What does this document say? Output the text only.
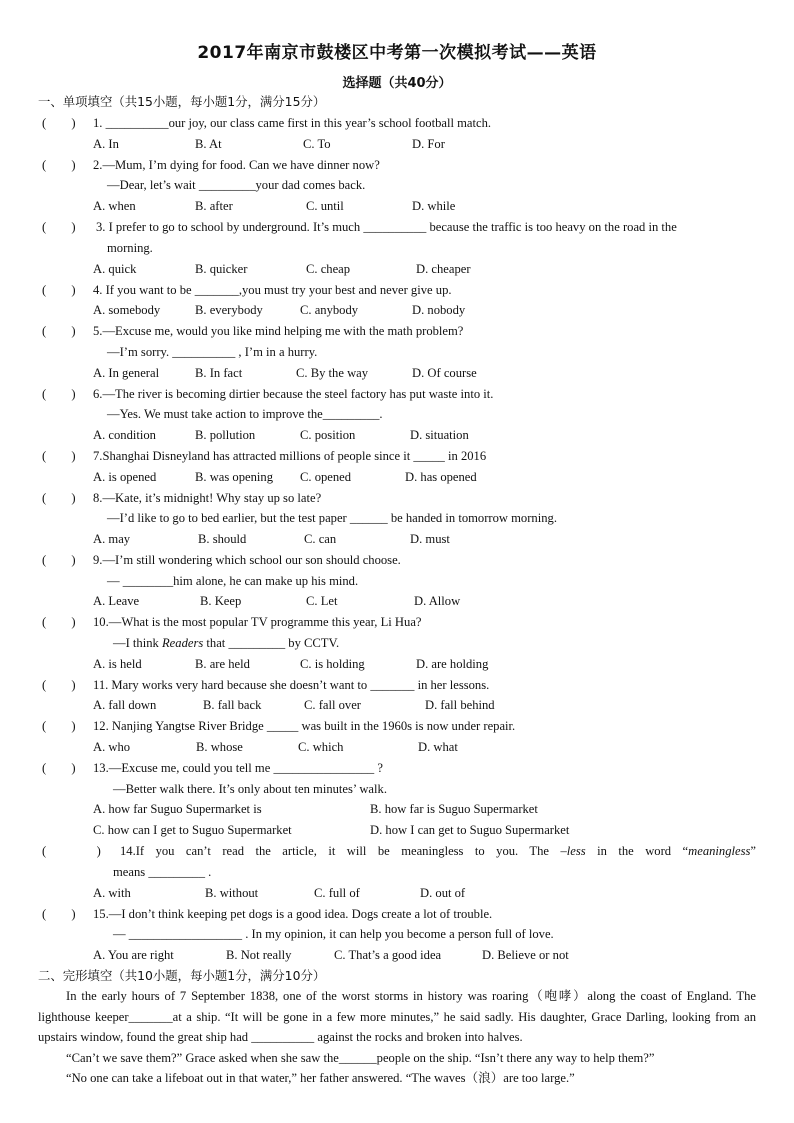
2017年南京市鼓楼区中考第一次模拟考试——英语
选择题（共40分）
一、单项填空（共15小题，每小题1分，满分15分）
(        ) 1. __________our joy, our class came first in this year’s school football match.
A. In	B. At	C. To	D. For
(        ) 2.—Mum, I’m dying for food. Can we have dinner now?
—Dear, let’s wait _________your dad comes back.
A. when	B. after	C. until	D. while
(        ) 3. I prefer to go to school by underground. It’s much __________ because the traffic is too heavy on the road in the
morning.
A. quick	B. quicker	C. cheap	D. cheaper
(        ) 4. If you want to be _______,you must try your best and never give up.
A. somebody	B. everybody	C. anybody	D. nobody
(        ) 5.—Excuse me, would you like mind helping me with the math problem?
—I’m sorry. __________ , I’m in a hurry.
A. In general	B. In fact	C. By the way	D. Of course
(        ) 6.—The river is becoming dirtier because the steel factory has put waste into it.
—Yes. We must take action to improve the_________.
A. condition	B. pollution	C. position	D. situation
(        ) 7.Shanghai Disneyland has attracted millions of people since it _____ in 2016
A. is opened	B. was opening C. opened	D. has opened
(        ) 8.—Kate, it’s midnight! Why stay up so late?
—I’d like to go to bed earlier, but the test paper ______ be handed in tomorrow morning.
A. may	B. should	C. can	D. must
(        ) 9.—I’m still wondering which school our son should choose.
— ________him alone, he can make up his mind.
A. Leave	B. Keep	C. Let	D. Allow
(        ) 10.—What is the most popular TV programme this year, Li Hua?
—I think Readers that _________ by CCTV.
A. is held	B. are held	C. is holding	D. are holding
(        ) 11. Mary works very hard because she doesn’t want to _______ in her lessons.
A. fall down	B. fall back	C. fall over	D. fall behind
(        ) 12. Nanjing Yangtse River Bridge _____ was built in the 1960s is now under repair.
A. who	B. whose	C. which	D. what
(        ) 13.—Excuse me, could you tell me ________________ ?
—Better walk there. It’s only about ten minutes’ walk.
A. how far Suguo Supermarket is	B. how far is Suguo Supermarket
C. how can I get to Suguo Supermarket	D. how I can get to Suguo Supermarket
(                ) 14.If you can’t read the article, it will be meaningless to you. The –less in the word “meaningless”
means _________ .
A. with	B. without	C. full of	D. out of
(        ) 15.—I don’t think keeping pet dogs is a good idea. Dogs create a lot of trouble.
— __________________ . In my opinion, it can help you become a person full of love.
A. You are right	B. Not really	C. That’s a good idea	D. Believe or not
二、完形填空（共10小题，每小题1分，满分10分）

In the early hours of 7 September 1838, one of the worst storms in history was roaring（咆哮）along the coast of England. The lighthouse keeper_______at a ship. “It will be gone in a few more minutes,” he said sadly. His daughter, Grace Darling, looking from an upstairs window, found the great ship had __________ against the rocks and broken into halves.

“Can’t we save them?” Grace asked when she saw the______people on the ship. “Isn’t there any way to help them?”

“No one can take a lifeboat out in that water,” her father answered. “The waves（浪）are too large.”
